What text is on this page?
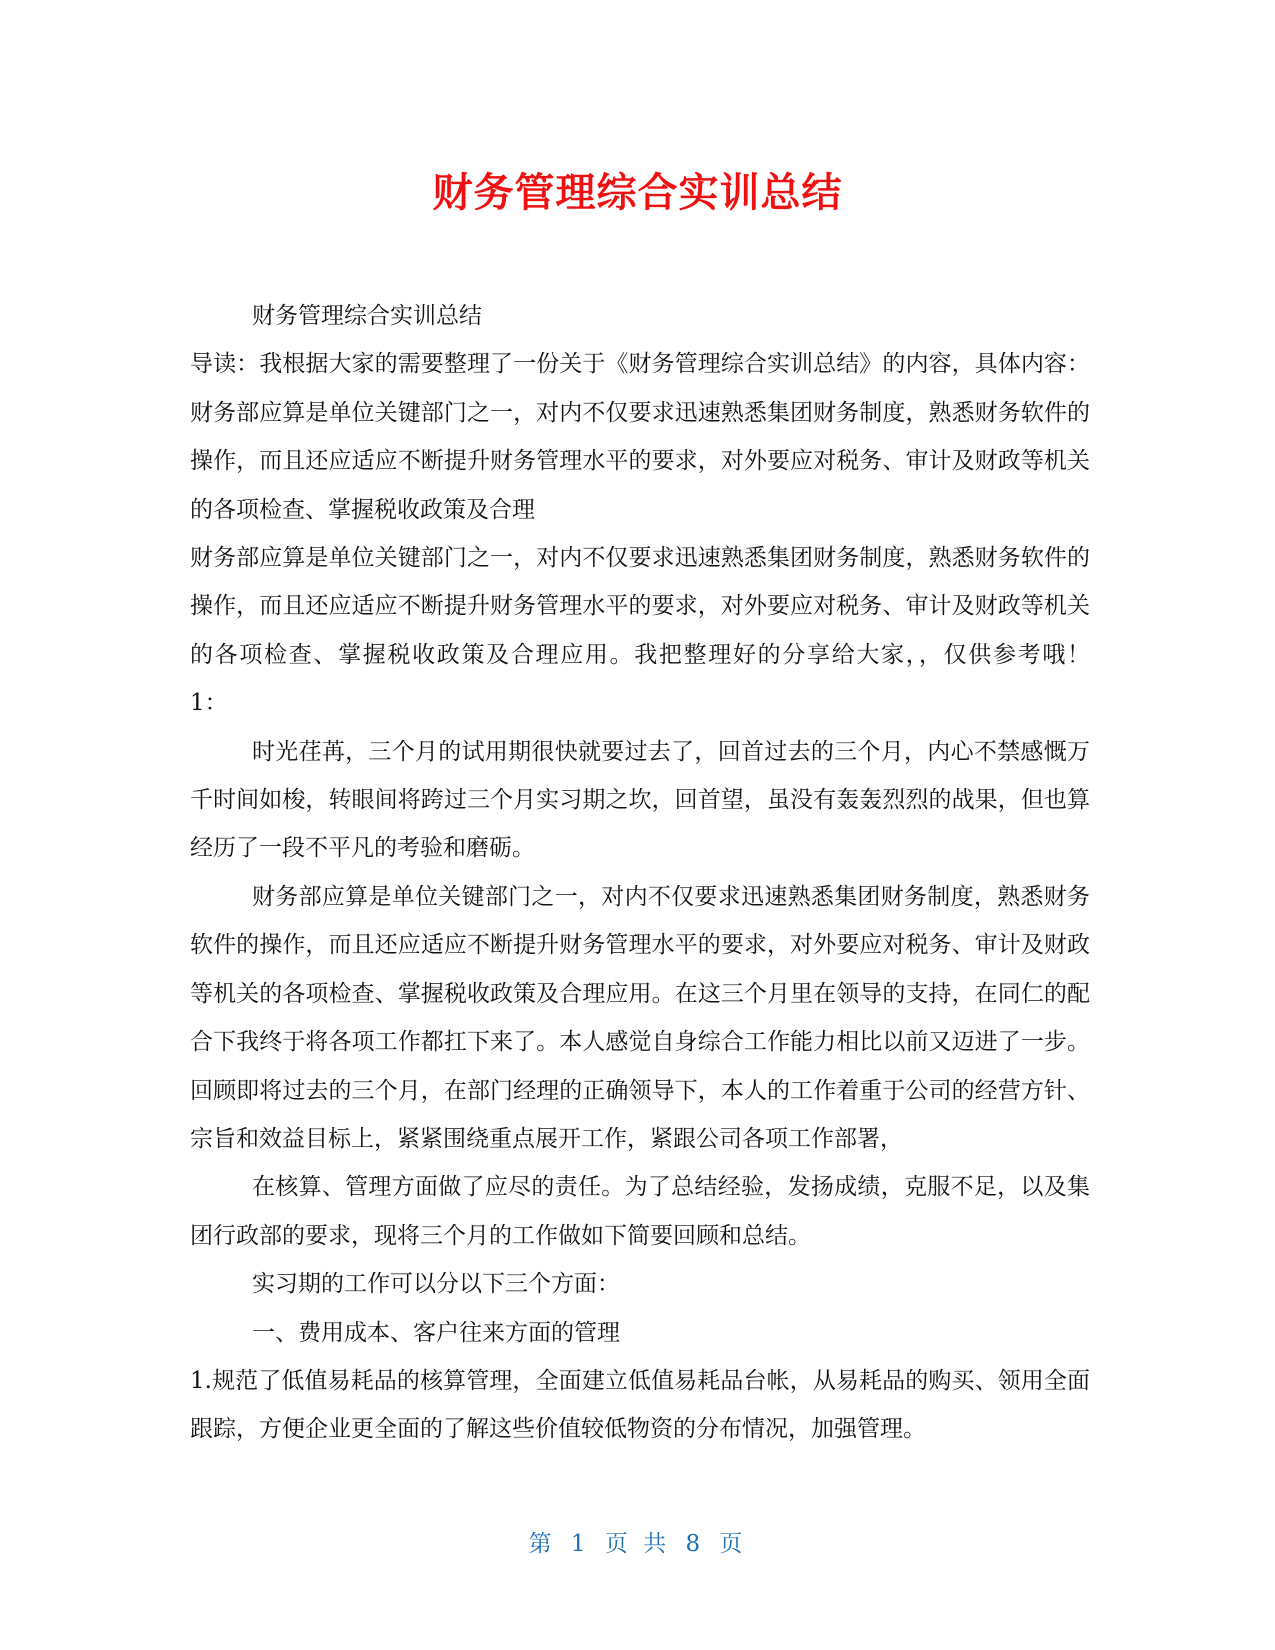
财务管理综合实训总结

财务管理综合实训总结

导读：我根据大家的需要整理了一份关于《财务管理综合实训总结》的内容，具体内容：财务部应算是单位关键部门之一，对内不仅要求迅速熟悉集团财务制度，熟悉财务软件的操作，而且还应适应不断提升财务管理水平的要求，对外要应对税务、审计及财政等机关的各项检查、掌握税收政策及合理

财务部应算是单位关键部门之一，对内不仅要求迅速熟悉集团财务制度，熟悉财务软件的操作，而且还应适应不断提升财务管理水平的要求，对外要应对税务、审计及财政等机关的各项检查、掌握税收政策及合理应用。我把整理好的分享给大家，，仅供参考哦！　　1：

时光荏苒，三个月的试用期很快就要过去了，回首过去的三个月，内心不禁感慨万千时间如梭，转眼间将跨过三个月实习期之坎，回首望，虽没有轰轰烈烈的战果，但也算经历了一段不平凡的考验和磨砺。

财务部应算是单位关键部门之一，对内不仅要求迅速熟悉集团财务制度，熟悉财务软件的操作，而且还应适应不断提升财务管理水平的要求，对外要应对税务、审计及财政等机关的各项检查、掌握税收政策及合理应用。在这三个月里在领导的支持，在同仁的配合下我终于将各项工作都扛下来了。本人感觉自身综合工作能力相比以前又迈进了一步。回顾即将过去的三个月，在部门经理的正确领导下，本人的工作着重于公司的经营方针、宗旨和效益目标上，紧紧围绕重点展开工作，紧跟公司各项工作部署，

在核算、管理方面做了应尽的责任。为了总结经验，发扬成绩，克服不足，以及集团行政部的要求，现将三个月的工作做如下简要回顾和总结。

实习期的工作可以分以下三个方面：

一、费用成本、客户往来方面的管理

1.规范了低值易耗品的核算管理，全面建立低值易耗品台帐，从易耗品的购买、领用全面跟踪，方便企业更全面的了解这些价值较低物资的分布情况，加强管理。

第 1 页 共 8 页
